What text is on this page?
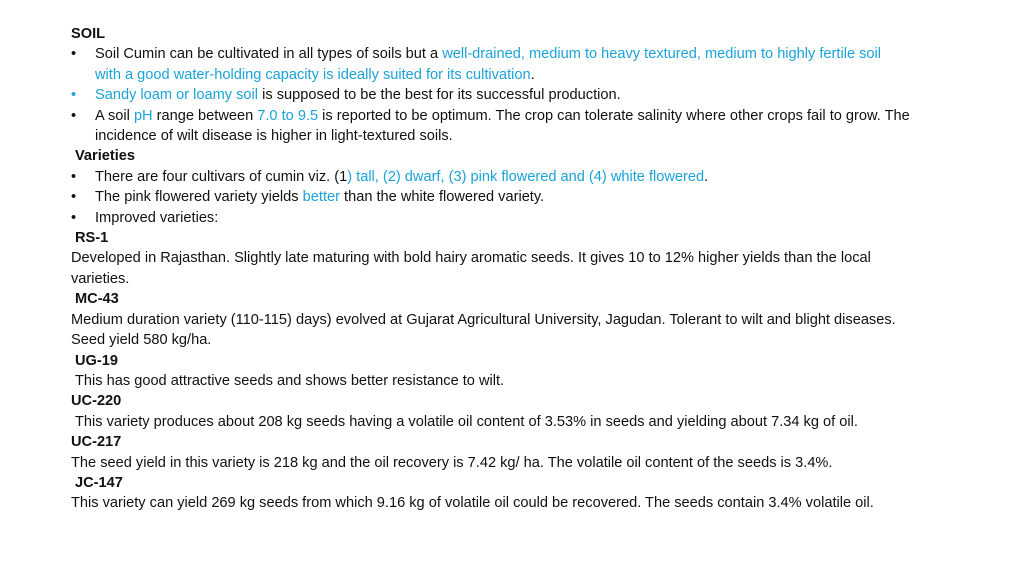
SOIL
•	Soil Cumin can be cultivated in all types of soils but a well-drained, medium to heavy textured, medium to highly fertile soil with a good water-holding capacity is ideally suited for its cultivation.
•	Sandy loam or loamy soil is supposed to be the best for its successful production.
•	A soil pH range between 7.0 to 9.5 is reported to be optimum. The crop can tolerate salinity where other crops fail to grow. The incidence of wilt disease is higher in light-textured soils.
Varieties
•	There are four cultivars of cumin viz. (1) tall, (2) dwarf, (3) pink flowered and (4) white flowered.
•	The pink flowered variety yields better than the white flowered variety.
•	Improved varieties:
RS-1
Developed in Rajasthan. Slightly late maturing with bold hairy aromatic seeds. It gives 10 to 12% higher yields than the local varieties.
MC-43
Medium duration variety (110-115) days) evolved at Gujarat Agricultural University, Jagudan. Tolerant to wilt and blight diseases. Seed yield 580 kg/ha.
UG-19
This has good attractive seeds and shows better resistance to wilt.
UC-220
This variety produces about 208 kg seeds having a volatile oil content of 3.53% in seeds and yielding about 7.34 kg of oil.
UC-217
The seed yield in this variety is 218 kg and the oil recovery is 7.42 kg/ ha. The volatile oil content of the seeds is 3.4%.
JC-147
This variety can yield 269 kg seeds from which 9.16 kg of volatile oil could be recovered. The seeds contain 3.4% volatile oil.
